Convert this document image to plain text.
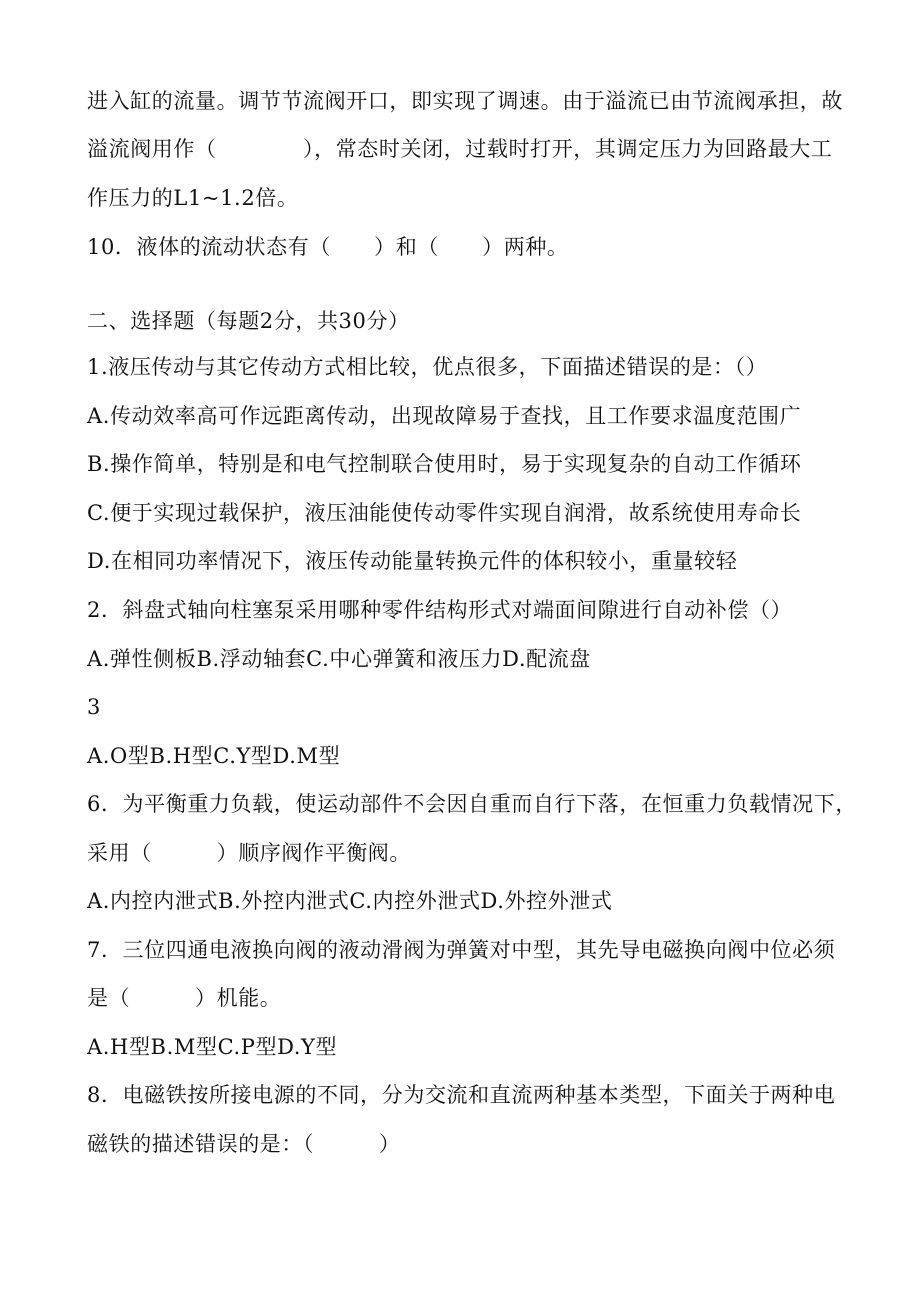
进入缸的流量。调节节流阀开口，即实现了调速。由于溢流已由节流阀承担，故
溢流阀用作（　　　　），常态时关闭，过载时打开，其调定压力为回路最大工
作压力的L1~1.2倍。
10．液体的流动状态有（　　）和（　　）两种。
二、选择题（每题2分，共30分）
1.液压传动与其它传动方式相比较，优点很多，下面描述错误的是：（）
A.传动效率高可作远距离传动，出现故障易于查找，且工作要求温度范围广
B.操作简单，特别是和电气控制联合使用时，易于实现复杂的自动工作循环
C.便于实现过载保护，液压油能使传动零件实现自润滑，故系统使用寿命长
D.在相同功率情况下，液压传动能量转换元件的体积较小，重量较轻
2．斜盘式轴向柱塞泵采用哪种零件结构形式对端面间隙进行自动补偿（）
A.弹性侧板B.浮动轴套C.中心弹簧和液压力D.配流盘
3
A.O型B.H型C.Y型D.M型
6．为平衡重力负载，使运动部件不会因自重而自行下落，在恒重力负载情况下，
采用（　　　）顺序阀作平衡阀。
A.内控内泄式B.外控内泄式C.内控外泄式D.外控外泄式
7．三位四通电液换向阀的液动滑阀为弹簧对中型，其先导电磁换向阀中位必须
是（　　　）机能。
A.H型B.M型C.P型D.Y型
8．电磁铁按所接电源的不同，分为交流和直流两种基本类型，下面关于两种电
磁铁的描述错误的是：（　　　）
